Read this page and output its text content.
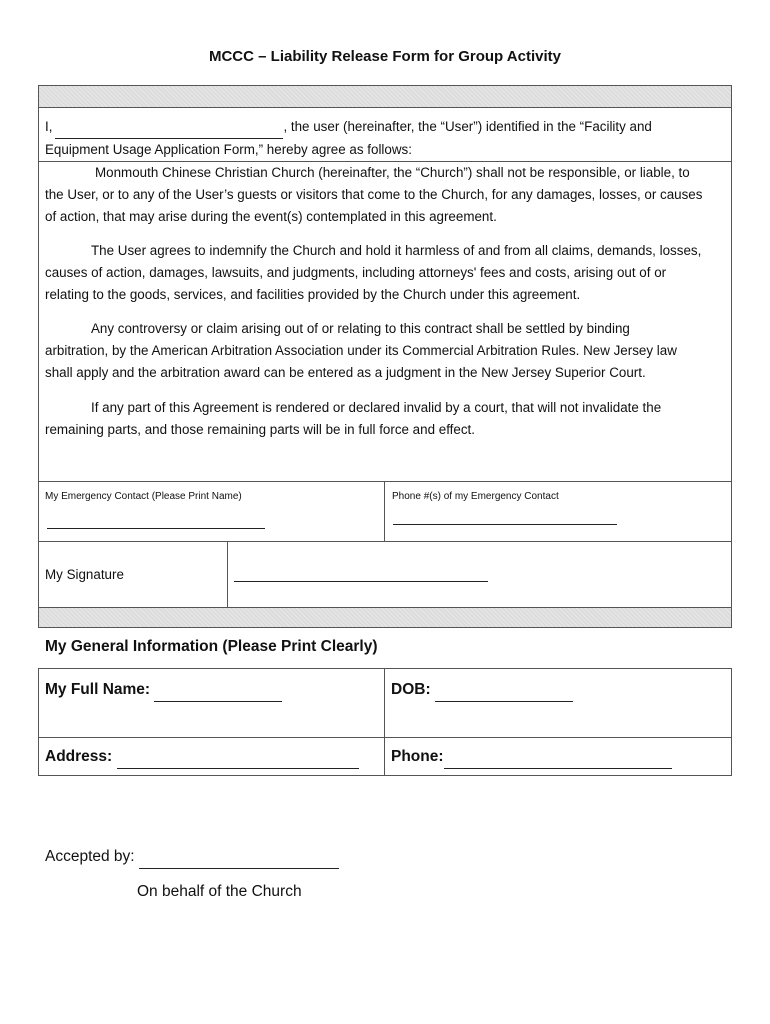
MCCC – Liability Release Form for Group Activity
I,	, the user (hereinafter, the “User”) identified in the “Facility and
Equipment Usage Application Form,” hereby agree as follows:
Monmouth Chinese Christian Church (hereinafter, the “Church”) shall not be responsible, or liable, to
the User, or to any of the User’s guests or visitors that come to the Church, for any damages, losses, or causes
of action, that may arise during the event(s) contemplated in this agreement.
The User agrees to indemnify the Church and hold it harmless of and from all claims, demands, losses,
causes of action, damages, lawsuits, and judgments, including attorneys' fees and costs, arising out of or
relating to the goods, services, and facilities provided by the Church under this agreement.
Any controversy or claim arising out of or relating to this contract shall be settled by binding
arbitration, by the American Arbitration Association under its Commercial Arbitration Rules. New Jersey law
shall apply and the arbitration award can be entered as a judgment in the New Jersey Superior Court.
If any part of this Agreement is rendered or declared invalid by a court, that will not invalidate the
remaining parts, and those remaining parts will be in full force and effect.
My Emergency Contact (Please Print Name)	Phone #(s) of my Emergency Contact
My Signature
My General Information (Please Print Clearly)
My Full Name:	DOB:
Address:	Phone:
Accepted by:
On behalf of the Church
